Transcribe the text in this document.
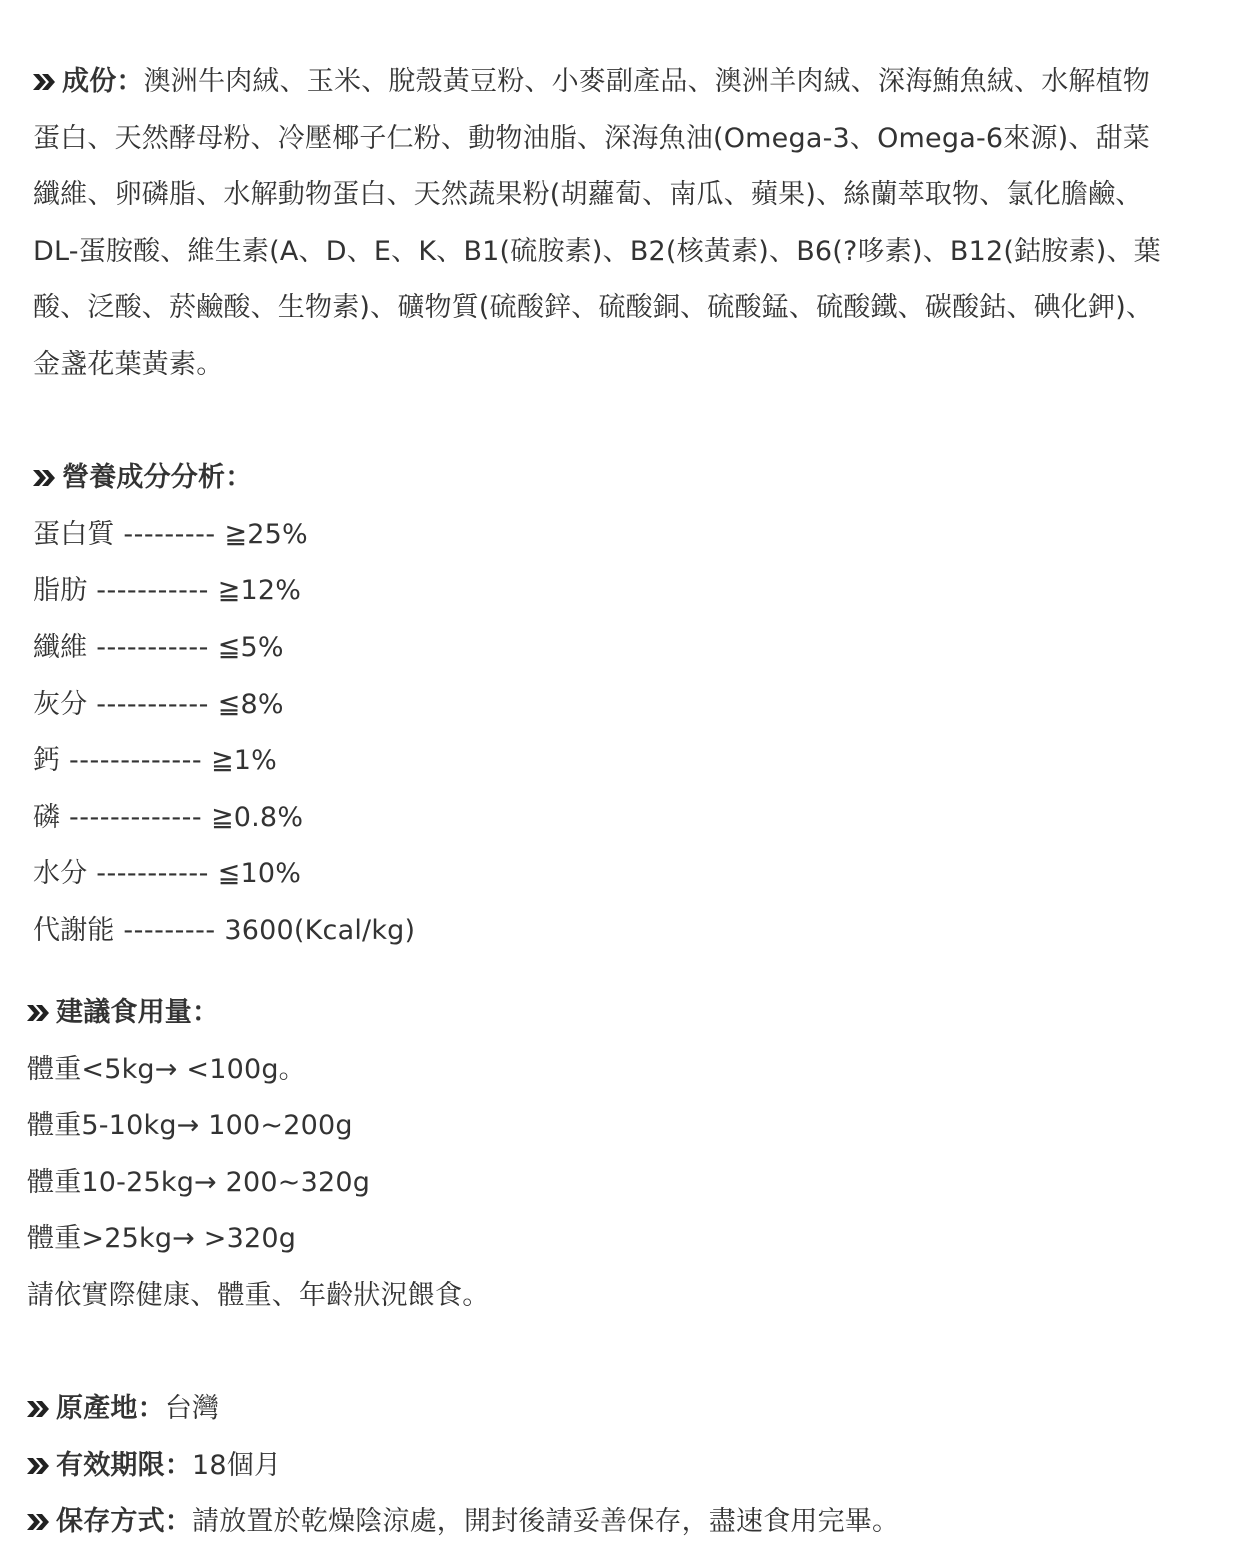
成份：澳洲牛肉絨、玉米、脫殼黃豆粉、小麥副產品、澳洲羊肉絨、深海鮪魚絨、水解植物
蛋白、天然酵母粉、冷壓椰子仁粉、動物油脂、深海魚油(Omega-3、Omega-6來源)、甜菜
纖維、卵磷脂、水解動物蛋白、天然蔬果粉(胡蘿蔔、南瓜、蘋果)、絲蘭萃取物、氯化膽鹼、
DL-蛋胺酸、維生素(A、D、E、K、B1(硫胺素)、B2(核黃素)、B6(?哆素)、B12(鈷胺素)、葉
酸、泛酸、菸鹼酸、生物素)、礦物質(硫酸鋅、硫酸銅、硫酸錳、硫酸鐵、碳酸鈷、碘化鉀)、
金盞花葉黃素。
營養成分分析：
蛋白質 --------- ≧25%
脂肪 ----------- ≧12%
纖維 ----------- ≦5%
灰分 ----------- ≦8%
鈣 ------------- ≧1%
磷 ------------- ≧0.8%
水分 ----------- ≦10%
代謝能 --------- 3600(Kcal/kg)
建議食用量：
體重<5kg→ <100g。
體重5-10kg→ 100~200g
體重10-25kg→ 200~320g
體重>25kg→ >320g
請依實際健康、體重、年齡狀況餵食。
原產地：台灣
有效期限：18個月
保存方式：請放置於乾燥陰涼處，開封後請妥善保存，盡速食用完畢。
